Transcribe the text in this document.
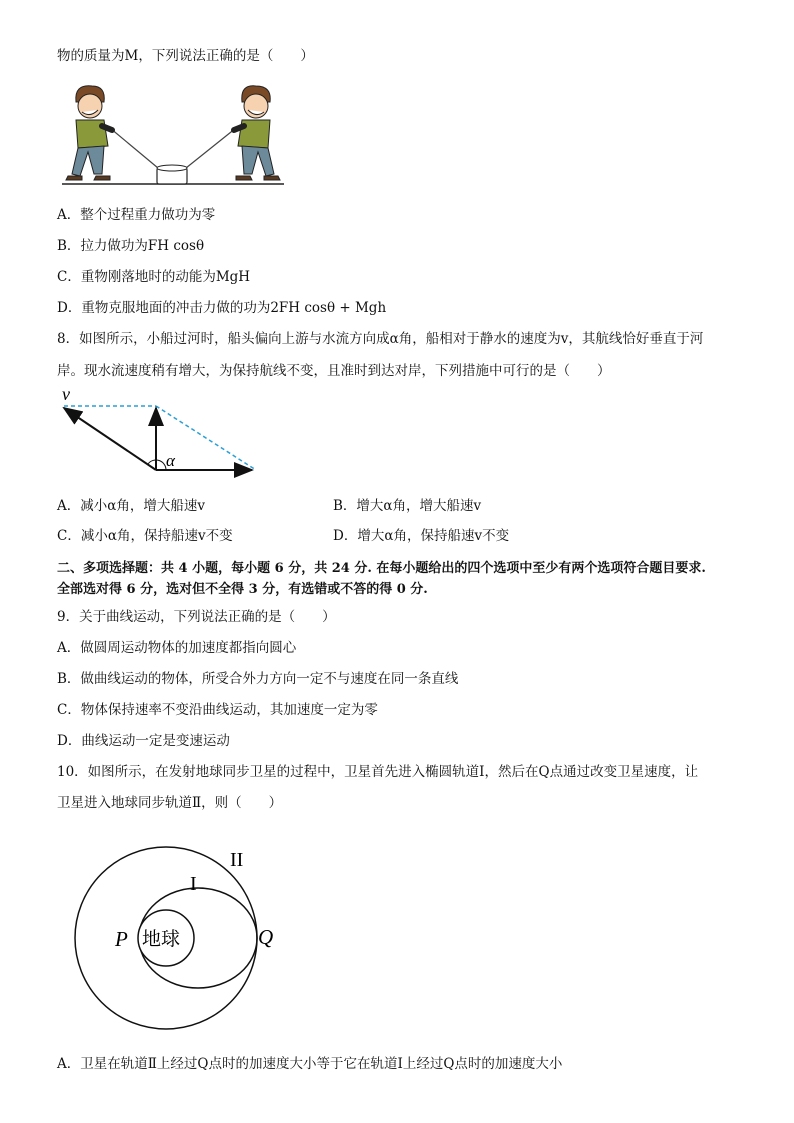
物的质量为M，下列说法正确的是（　　）
A．整个过程重力做功为零
B．拉力做功为FH cosθ
C．重物刚落地时的动能为MgH
D．重物克服地面的冲击力做的功为2FH cosθ + Mgh
8．如图所示，小船过河时，船头偏向上游与水流方向成α角，船相对于静水的速度为v，其航线恰好垂直于河
岸。现水流速度稍有增大，为保持航线不变，且准时到达对岸，下列措施中可行的是（　　）
v
α
A．减小α角，增大船速v	B．增大α角，增大船速v
C．减小α角，保持船速v不变	D．增大α角，保持船速v不变
二、多项选择题：共 4 小题，每小题 6 分，共 24 分. 在每小题给出的四个选项中至少有两个选项符合题目要求.
全部选对得 6 分，选对但不全得 3 分，有选错或不答的得 0 分.
9．关于曲线运动，下列说法正确的是（　　）
A．做圆周运动物体的加速度都指向圆心
B．做曲线运动的物体，所受合外力方向一定不与速度在同一条直线
C．物体保持速率不变沿曲线运动，其加速度一定为零
D．曲线运动一定是变速运动
10．如图所示，在发射地球同步卫星的过程中，卫星首先进入椭圆轨道Ⅰ，然后在Q点通过改变卫星速度，让
卫星进入地球同步轨道Ⅱ，则（　　）
地球
II
I
P	Q
A．卫星在轨道Ⅱ上经过Q点时的加速度大小等于它在轨道Ⅰ上经过Q点时的加速度大小
